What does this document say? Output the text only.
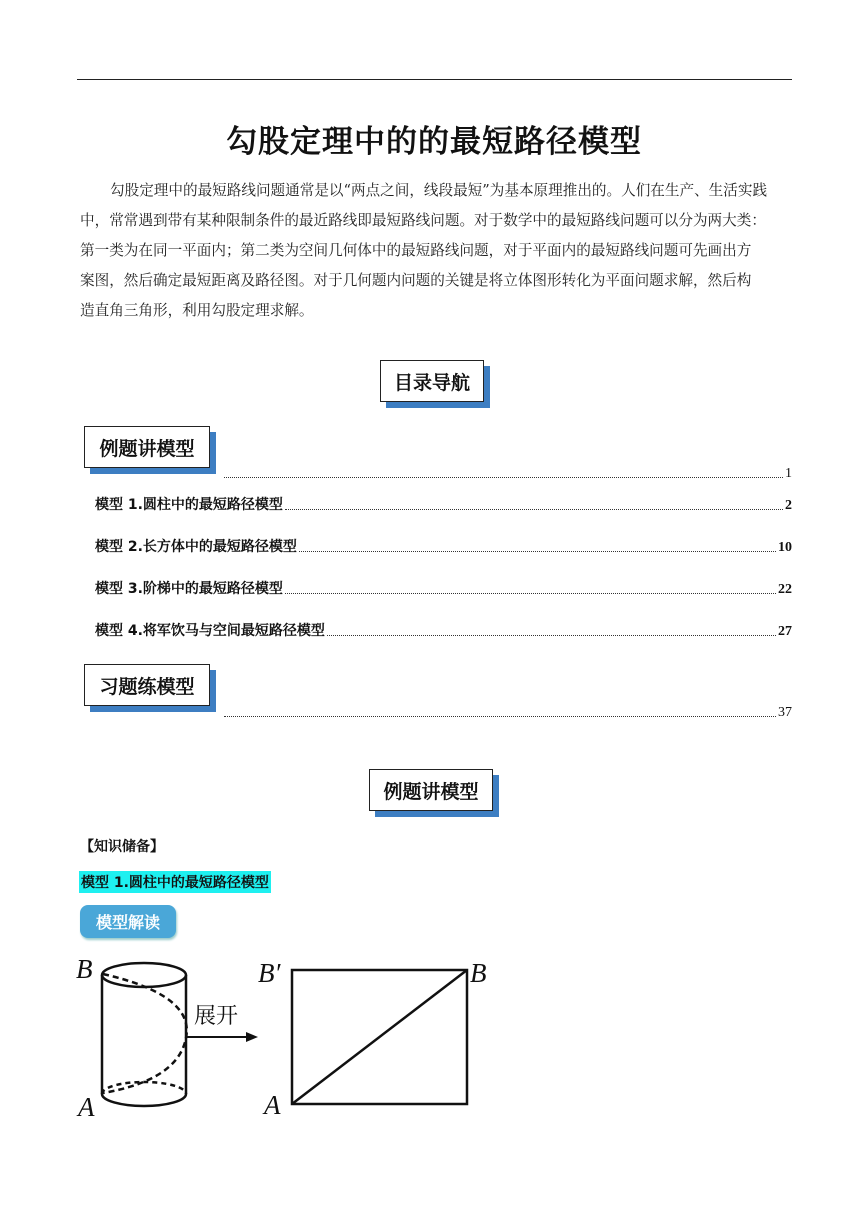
勾股定理中的的最短路径模型

勾股定理中的最短路线问题通常是以“两点之间，线段最短”为基本原理推出的。人们在生产、生活实践

中，常常遇到带有某种限制条件的最近路线即最短路线问题。对于数学中的最短路线问题可以分为两大类：

第一类为在同一平面内；第二类为空间几何体中的最短路线问题，对于平面内的最短路线问题可先画出方

案图，然后确定最短距离及路径图。对于几何题内问题的关键是将立体图形转化为平面问题求解，然后构

造直角三角形，利用勾股定理求解。

目录导航
例题讲模型
1
模型 1.圆柱中的最短路径模型	2
模型 2.长方体中的最短路径模型	10
模型 3.阶梯中的最短路径模型	22
模型 4.将军饮马与空间最短路径模型	27
习题练模型
37
例题讲模型
【知识储备】
模型 1.圆柱中的最短路径模型
模型解读
B
A
展开
B′	B
A
